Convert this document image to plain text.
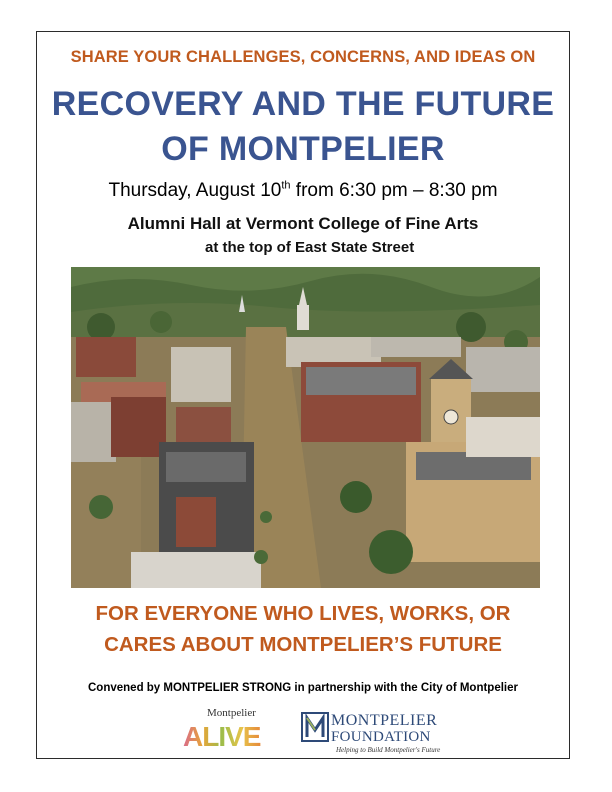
SHARE YOUR CHALLENGES, CONCERNS, AND IDEAS ON
RECOVERY AND THE FUTURE
OF MONTPELIER
Thursday, August 10th from 6:30 pm – 8:30 pm
Alumni Hall at Vermont College of Fine Arts
at the top of East State Street
FOR EVERYONE WHO LIVES, WORKS, OR
CARES ABOUT MONTPELIER’S FUTURE
Convened by MONTPELIER STRONG in partnership with the City of Montpelier
Montpelier
ALIVE
MONTPELIER
FOUNDATION
Helping to Build Montpelier's Future
